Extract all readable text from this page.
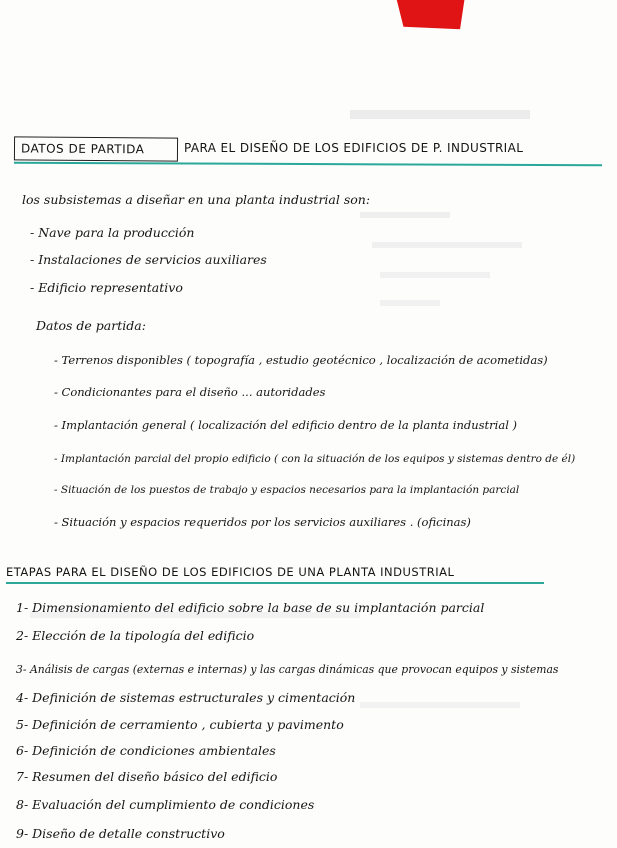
DATOS DE PARTIDA	PARA EL DISEÑO DE LOS EDIFICIOS DE P. INDUSTRIAL
los subsistemas a diseñar en una planta industrial son:
- Nave para la producción
- Instalaciones de servicios auxiliares
- Edificio representativo
Datos de partida:
- Terrenos disponibles ( topografía , estudio geotécnico , localización de acometidas)
- Condicionantes para el diseño ... autoridades
- Implantación general ( localización del edificio dentro de la planta industrial )
- Implantación parcial del propio edificio ( con la situación de los equipos y sistemas dentro de él)
- Situación de los puestos de trabajo y espacios necesarios para la implantación parcial
- Situación y espacios requeridos por los servicios auxiliares . (oficinas)
ETAPAS PARA EL DISEÑO DE LOS EDIFICIOS DE UNA PLANTA INDUSTRIAL
1- Dimensionamiento del edificio sobre la base de su implantación parcial
2- Elección de la tipología del edificio
3- Análisis de cargas (externas e internas) y las cargas dinámicas que provocan equipos y sistemas
4- Definición de sistemas estructurales y cimentación
5- Definición de cerramiento , cubierta y pavimento
6- Definición de condiciones ambientales
7- Resumen del diseño básico del edificio
8- Evaluación del cumplimiento de condiciones
9- Diseño de detalle constructivo
